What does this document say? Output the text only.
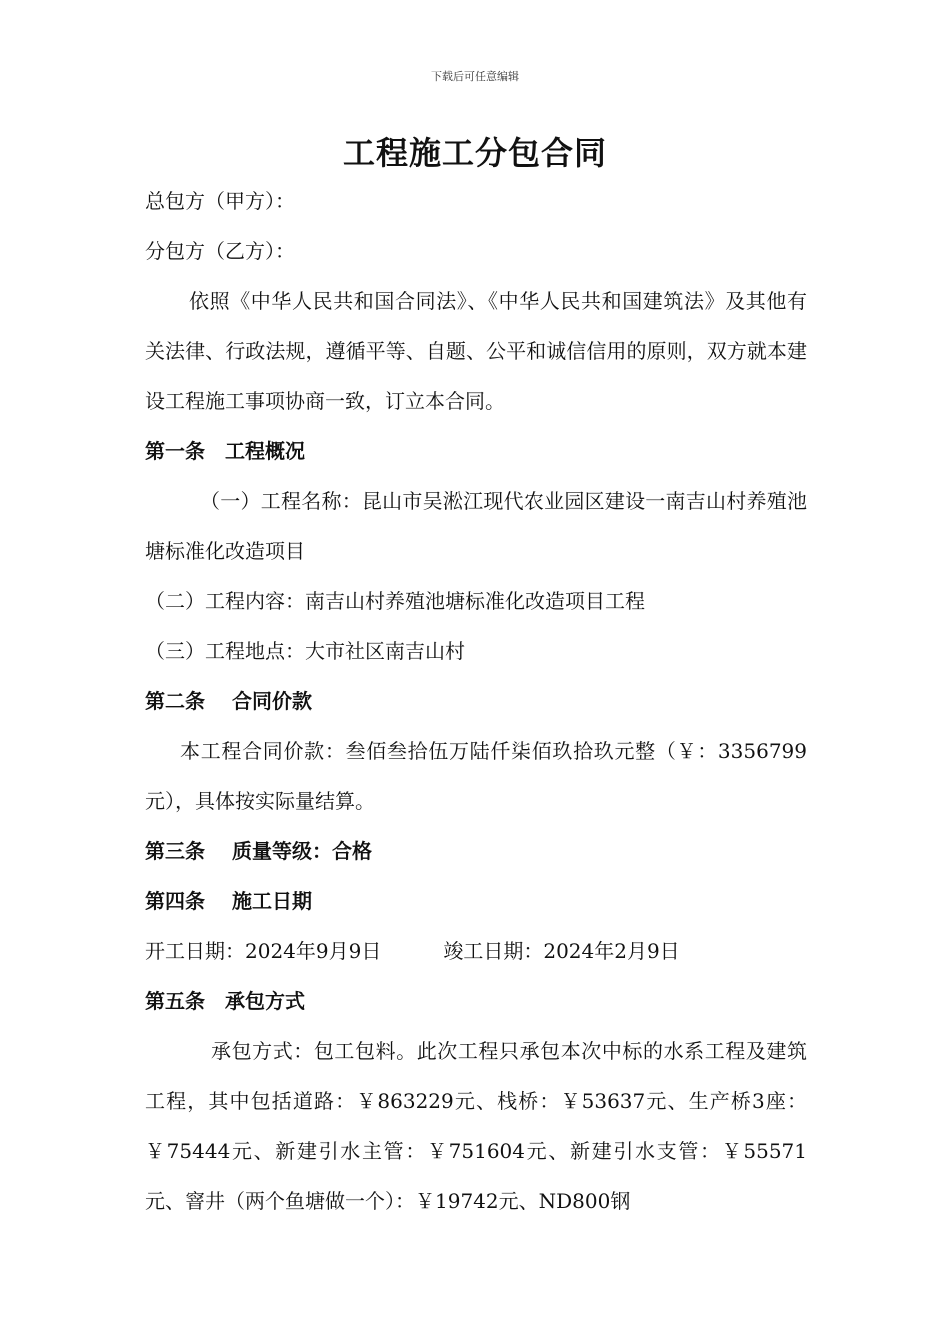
下载后可任意编辑
工程施工分包合同

总包方（甲方）：

分包方（乙方）：

依照《中华人民共和国合同法》、《中华人民共和国建筑法》及其他有关法律、行政法规，遵循平等、自题、公平和诚信信用的原则，双方就本建设工程施工事项协商一致，订立本合同。

第一条　工程概况

（一）工程名称：昆山市吴淞江现代农业园区建设一南吉山村养殖池塘标准化改造项目

（二）工程内容：南吉山村养殖池塘标准化改造项目工程

（三）工程地点：大市社区南吉山村

第二条　 合同价款

本工程合同价款：叁佰叁拾伍万陆仟柒佰玖拾玖元整（￥：3356799元），具体按实际量结算。

第三条　 质量等级：合格

第四条　 施工日期

开工日期：2024年9月9日	竣工日期：2024年2月9日

第五条　承包方式

承包方式：包工包料。此次工程只承包本次中标的水系工程及建筑工程，其中包括道路：￥863229元、栈桥：￥53637元、生产桥3座：￥75444元、新建引水主管：￥751604元、新建引水支管：￥55571元、窨井（两个鱼塘做一个）：￥19742元、ND800钢
